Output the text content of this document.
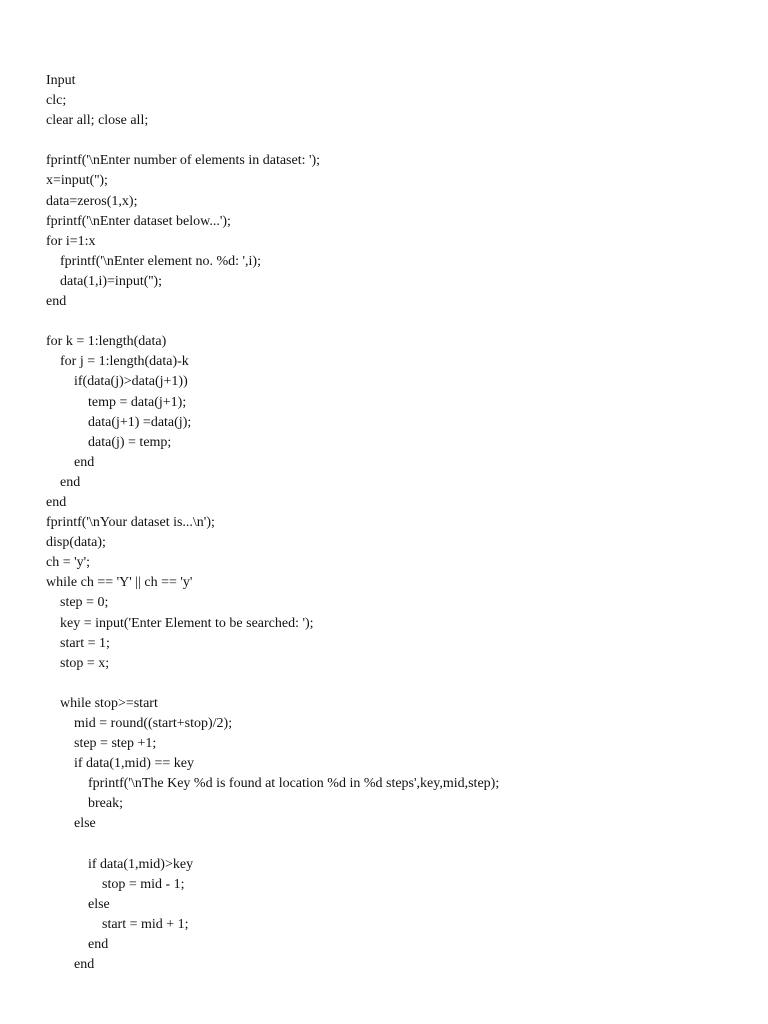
Input
clc;
clear all; close all;
fprintf('\nEnter number of elements in dataset: ');
x=input('');
data=zeros(1,x);
fprintf('\nEnter dataset below...');
for i=1:x
fprintf('\nEnter element no. %d: ',i);
data(1,i)=input('');
end
for k = 1:length(data)
for j = 1:length(data)-k
if(data(j)>data(j+1))
temp = data(j+1);
data(j+1) =data(j);
data(j) = temp;
end
end
end
fprintf('\nYour dataset is...\n');
disp(data);
ch = 'y';
while ch == 'Y' || ch == 'y'
step = 0;
key = input('Enter Element to be searched: ');
start = 1;
stop = x;
while stop>=start
mid = round((start+stop)/2);
step = step +1;
if data(1,mid) == key
fprintf('\nThe Key %d is found at location %d in %d steps',key,mid,step);
break;
else
if data(1,mid)>key
stop = mid - 1;
else
start = mid + 1;
end
end
